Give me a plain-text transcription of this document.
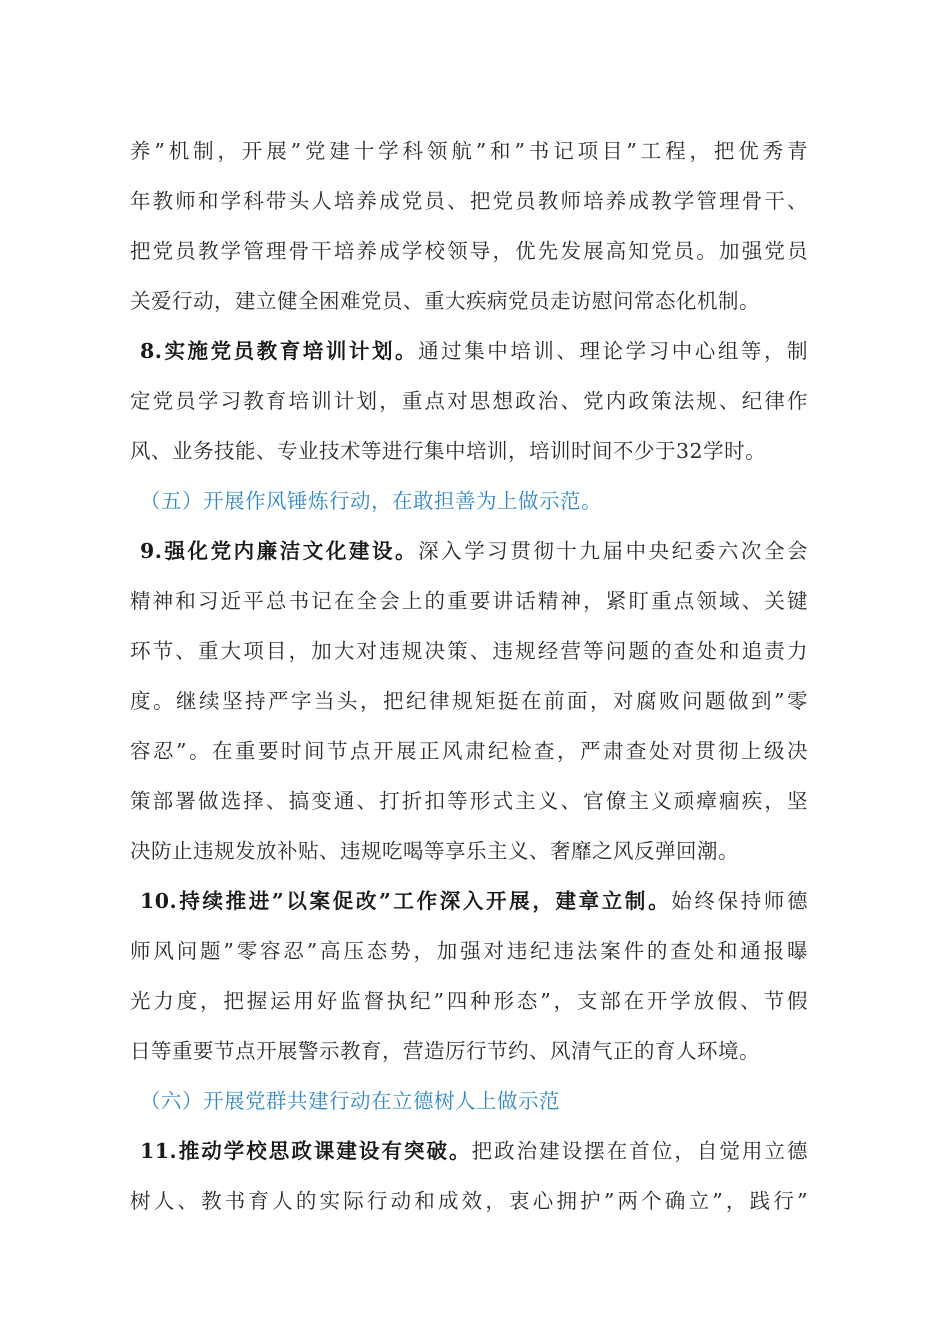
养”机制，开展”党建十学科领航”和”书记项目”工程，把优秀青
年教师和学科带头人培养成党员、把党员教师培养成教学管理骨干、
把党员教学管理骨干培养成学校领导，优先发展高知党员。加强党员
关爱行动，建立健全困难党员、重大疾病党员走访慰问常态化机制。
8.实施党员教育培训计划。通过集中培训、理论学习中心组等，制
定党员学习教育培训计划，重点对思想政治、党内政策法规、纪律作
风、业务技能、专业技术等进行集中培训，培训时间不少于32学时。
（五）开展作风锤炼行动，在敢担善为上做示范。
9.强化党内廉洁文化建设。深入学习贯彻十九届中央纪委六次全会
精神和习近平总书记在全会上的重要讲话精神，紧盯重点领域、关键
环节、重大项目，加大对违规决策、违规经营等问题的查处和追责力
度。继续坚持严字当头，把纪律规矩挺在前面，对腐败问题做到”零
容忍”。在重要时间节点开展正风肃纪检查，严肃查处对贯彻上级决
策部署做选择、搞变通、打折扣等形式主义、官僚主义顽瘴痼疾，坚
决防止违规发放补贴、违规吃喝等享乐主义、奢靡之风反弹回潮。
10.持续推进”以案促改”工作深入开展，建章立制。始终保持师德
师风问题”零容忍”高压态势，加强对违纪违法案件的查处和通报曝
光力度，把握运用好监督执纪”四种形态”，支部在开学放假、节假
日等重要节点开展警示教育，营造厉行节约、风清气正的育人环境。
（六）开展党群共建行动在立德树人上做示范
11.推动学校思政课建设有突破。把政治建设摆在首位，自觉用立德
树人、教书育人的实际行动和成效，衷心拥护”两个确立”，践行”
